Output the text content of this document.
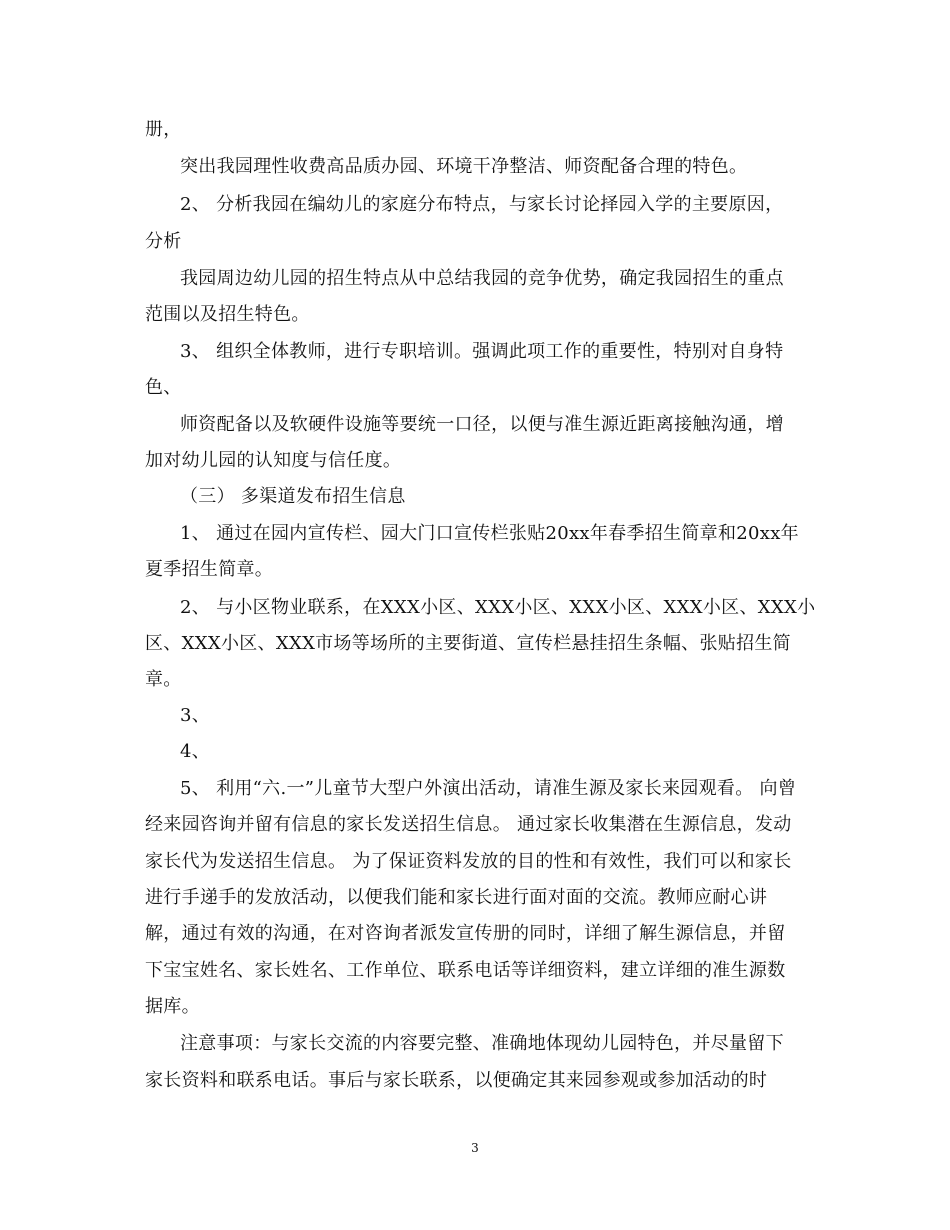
册，
突出我园理性收费高品质办园、环境干净整洁、师资配备合理的特色。
2、 分析我园在编幼儿的家庭分布特点，与家长讨论择园入学的主要原因，
分析
我园周边幼儿园的招生特点从中总结我园的竞争优势，确定我园招生的重点
范围以及招生特色。
3、 组织全体教师，进行专职培训。强调此项工作的重要性，特别对自身特
色、
师资配备以及软硬件设施等要统一口径，以便与准生源近距离接触沟通，增
加对幼儿园的认知度与信任度。
（三） 多渠道发布招生信息
1、 通过在园内宣传栏、园大门口宣传栏张贴20xx年春季招生简章和20xx年
夏季招生简章。
2、 与小区物业联系，在XXX小区、XXX小区、XXX小区、XXX小区、XXX小
区、XXX小区、XXX市场等场所的主要街道、宣传栏悬挂招生条幅、张贴招生简
章。
3、
4、
5、 利用“六.一”儿童节大型户外演出活动，请准生源及家长来园观看。 向曾
经来园咨询并留有信息的家长发送招生信息。 通过家长收集潜在生源信息，发动
家长代为发送招生信息。 为了保证资料发放的目的性和有效性，我们可以和家长
进行手递手的发放活动，以便我们能和家长进行面对面的交流。教师应耐心讲
解，通过有效的沟通，在对咨询者派发宣传册的同时，详细了解生源信息，并留
下宝宝姓名、家长姓名、工作单位、联系电话等详细资料，建立详细的准生源数
据库。
注意事项：与家长交流的内容要完整、准确地体现幼儿园特色，并尽量留下
家长资料和联系电话。事后与家长联系，以便确定其来园参观或参加活动的时
3
